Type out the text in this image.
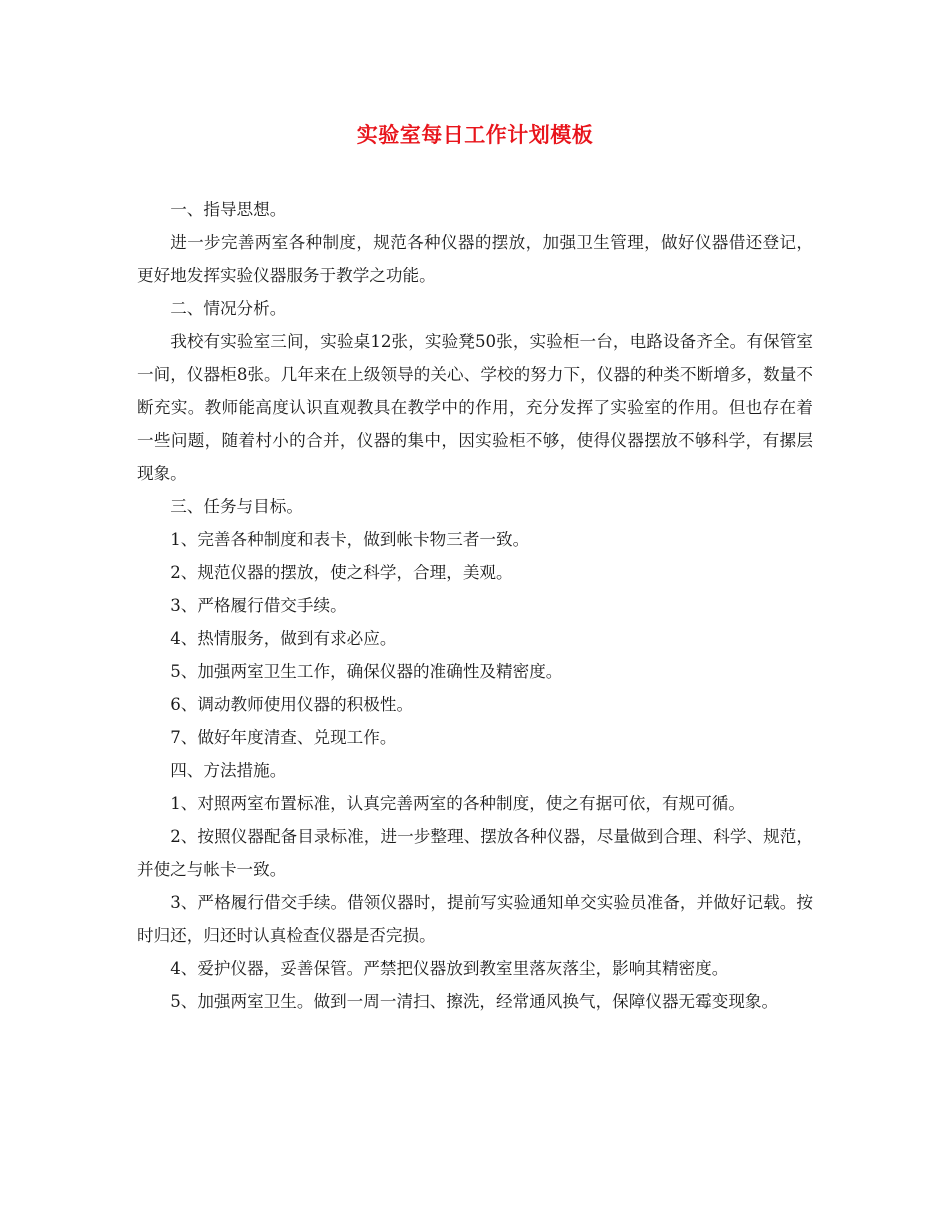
实验室每日工作计划模板

一、指导思想。

进一步完善两室各种制度，规范各种仪器的摆放，加强卫生管理，做好仪器借还登记，更好地发挥实验仪器服务于教学之功能。

二、情况分析。

我校有实验室三间，实验桌12张，实验凳50张，实验柜一台，电路设备齐全。有保管室一间，仪器柜8张。几年来在上级领导的关心、学校的努力下，仪器的种类不断增多，数量不断充实。教师能高度认识直观教具在教学中的作用，充分发挥了实验室的作用。但也存在着一些问题，随着村小的合并，仪器的集中，因实验柜不够，使得仪器摆放不够科学，有摞层现象。

三、任务与目标。

1、完善各种制度和表卡，做到帐卡物三者一致。

2、规范仪器的摆放，使之科学，合理，美观。

3、严格履行借交手续。

4、热情服务，做到有求必应。

5、加强两室卫生工作，确保仪器的准确性及精密度。

6、调动教师使用仪器的积极性。

7、做好年度清查、兑现工作。

四、方法措施。

1、对照两室布置标准，认真完善两室的各种制度，使之有据可依，有规可循。

2、按照仪器配备目录标准，进一步整理、摆放各种仪器，尽量做到合理、科学、规范，并使之与帐卡一致。

3、严格履行借交手续。借领仪器时，提前写实验通知单交实验员准备，并做好记载。按时归还，归还时认真检查仪器是否完损。

4、爱护仪器，妥善保管。严禁把仪器放到教室里落灰落尘，影响其精密度。

5、加强两室卫生。做到一周一清扫、擦洗，经常通风换气，保障仪器无霉变现象。
